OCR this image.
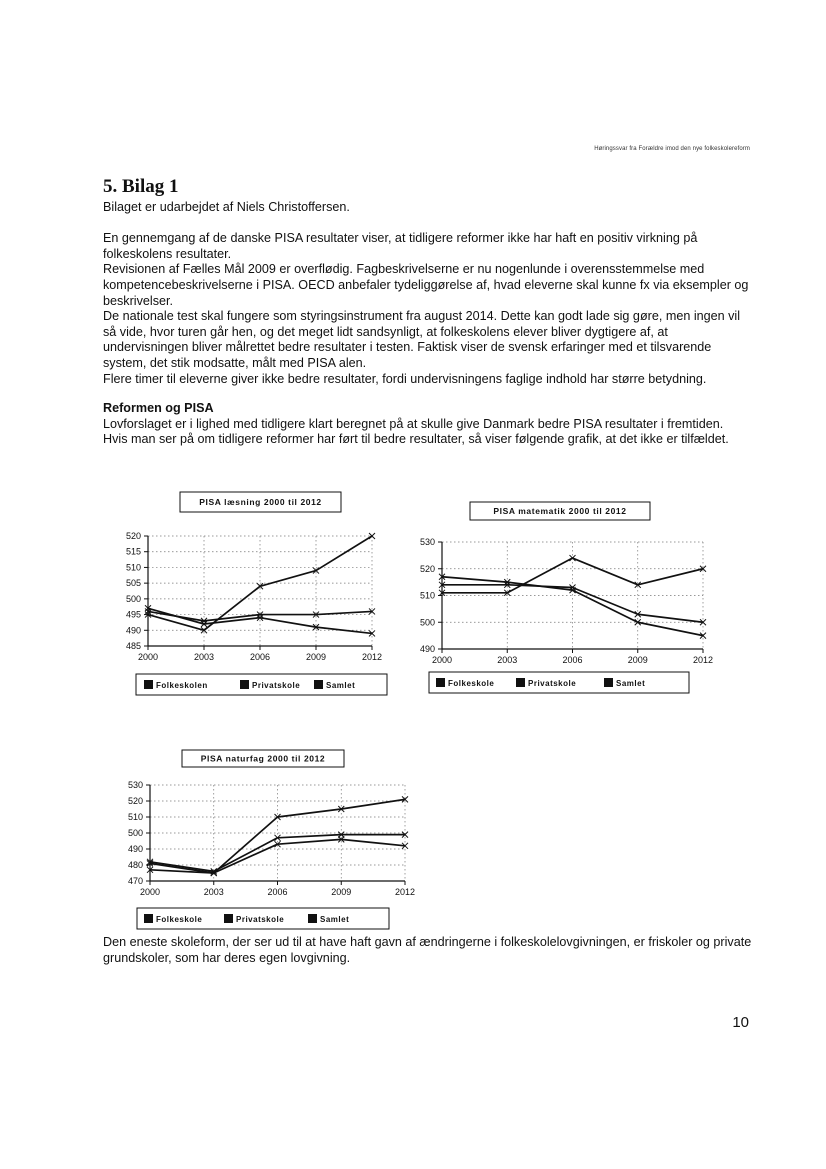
Høringssvar fra Forældre imod den nye folkeskolereform
5. Bilag 1

Bilaget er udarbejdet af Niels Christoffersen.

En gennemgang af de danske PISA resultater viser, at tidligere reformer ikke har haft en positiv virkning på folkeskolens resultater.

Revisionen af Fælles Mål 2009 er overflødig. Fagbeskrivelserne er nu nogenlunde i overensstemmelse med kompetencebeskrivelserne i PISA. OECD anbefaler tydeliggørelse af, hvad eleverne skal kunne fx via eksempler og beskrivelser.

De nationale test skal fungere som styringsinstrument fra august 2014. Dette kan godt lade sig gøre, men ingen vil så vide, hvor turen går hen, og det meget lidt sandsynligt, at folkeskolens elever bliver dygtigere af, at undervisningen bliver målrettet bedre resultater i testen. Faktisk viser de svensk erfaringer med et tilsvarende system, det stik modsatte, målt med PISA alen.

Flere timer til eleverne giver ikke bedre resultater, fordi undervisningens faglige indhold har større betydning.

Reformen og PISA

Lovforslaget er i lighed med tidligere klart beregnet på at skulle give Danmark bedre PISA resultater i fremtiden.

Hvis man ser på om tidligere reformer har ført til bedre resultater, så viser følgende grafik, at det ikke er tilfældet.

PISA læsning 2000 til 2012
485
490
495
500
505
510
515
520
2000	2003	2006	2009	2012
Folkeskolen	Privatskole	Samlet
PISA matematik 2000 til 2012
490
500
510
520
530
2000	2003	2006	2009	2012
Folkeskole	Privatskole	Samlet
PISA naturfag 2000 til 2012
470
480
490
500
510
520
530
2000	2003	2006	2009	2012
Folkeskole	Privatskole	Samlet

Den eneste skoleform, der ser ud til at have haft gavn af ændringerne i folkeskolelovgivningen, er friskoler og private grundskoler, som har deres egen lovgivning.

10
